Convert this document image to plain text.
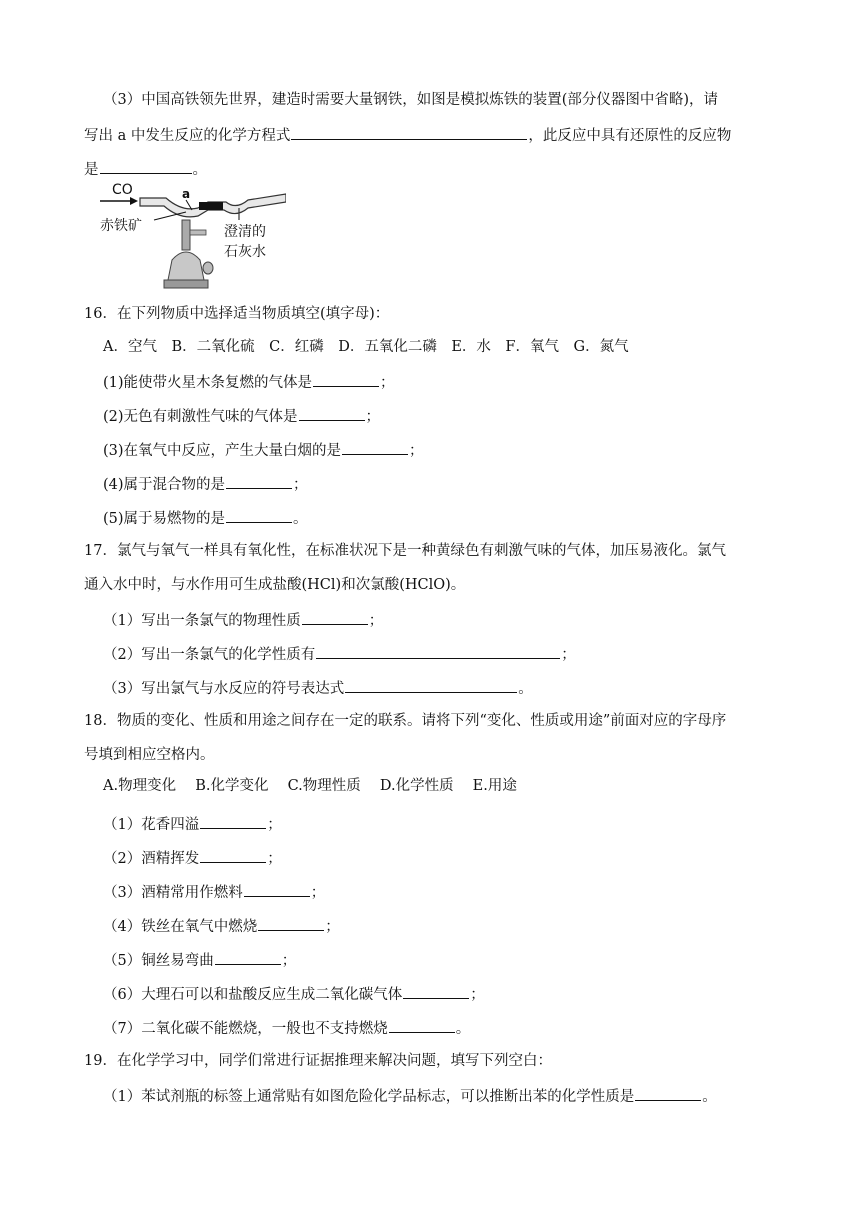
（3）中国高铁领先世界，建造时需要大量钢铁，如图是模拟炼铁的装置(部分仪器图中省略)，请
写出 a 中发生反应的化学方程式	，此反应中具有还原性的反应物
是	。
CO	a
赤铁矿	澄清的
石灰水
16．在下列物质中选择适当物质填空(填字母)：
A．空气　B．二氧化硫　C．红磷　D．五氧化二磷　E．水　F．氧气　G．氮气
(1)能使带火星木条复燃的气体是	；
(2)无色有刺激性气味的气体是	；
(3)在氧气中反应，产生大量白烟的是	；
(4)属于混合物的是	；
(5)属于易燃物的是	。
17．氯气与氧气一样具有氧化性，在标准状况下是一种黄绿色有刺激气味的气体，加压易液化。氯气
通入水中时，与水作用可生成盐酸(HCl)和次氯酸(HClO)。
（1）写出一条氯气的物理性质	；
（2）写出一条氯气的化学性质有	；
（3）写出氯气与水反应的符号表达式	。
18．物质的变化、性质和用途之间存在一定的联系。请将下列“变化、性质或用途”前面对应的字母序
号填到相应空格内。
A.物理变化　 B.化学变化　 C.物理性质　 D.化学性质　 E.用途
（1）花香四溢	；
（2）酒精挥发	；
（3）酒精常用作燃料	；
（4）铁丝在氧气中燃烧	；
（5）铜丝易弯曲	；
（6）大理石可以和盐酸反应生成二氧化碳气体	；
（7）二氧化碳不能燃烧，一般也不支持燃烧	。
19．在化学学习中，同学们常进行证据推理来解决问题，填写下列空白：
（1）苯试剂瓶的标签上通常贴有如图危险化学品标志，可以推断出苯的化学性质是	。
